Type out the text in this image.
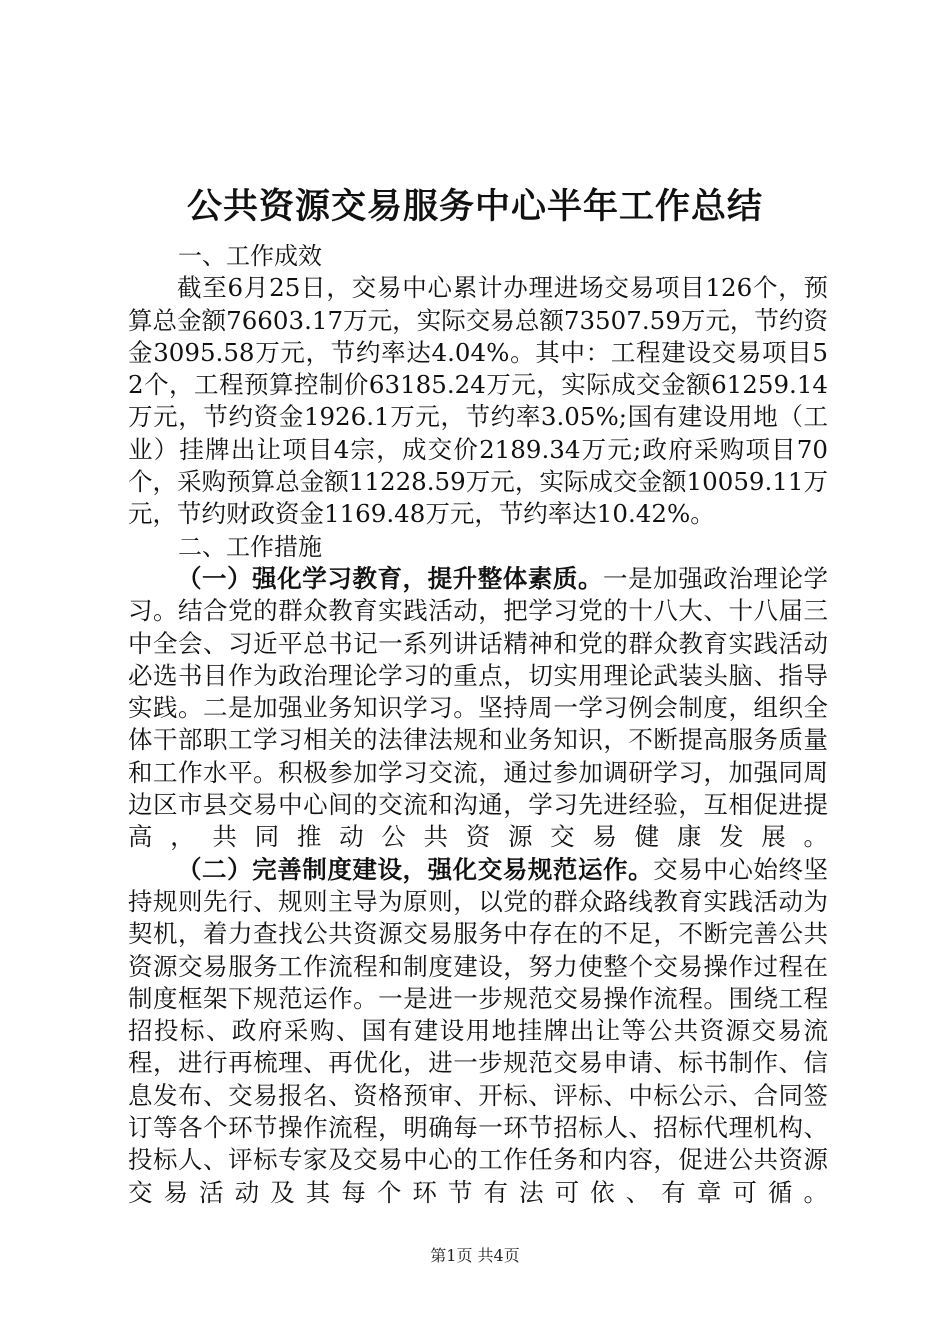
公共资源交易服务中心半年工作总结

一、工作成效

截至6月25日，交易中心累计办理进场交易项目126个，预算总金额76603.17万元，实际交易总额73507.59万元，节约资金3095.58万元，节约率达4.04%。其中：工程建设交易项目52个，工程预算控制价63185.24万元，实际成交金额61259.14万元，节约资金1926.1万元，节约率3.05%;国有建设用地（工业）挂牌出让项目4宗，成交价2189.34万元;政府采购项目70个，采购预算总金额11228.59万元，实际成交金额10059.11万元，节约财政资金1169.48万元，节约率达10.42%。

二、工作措施

（一）强化学习教育，提升整体素质。一是加强政治理论学习。结合党的群众教育实践活动，把学习党的十八大、十八届三中全会、习近平总书记一系列讲话精神和党的群众教育实践活动必选书目作为政治理论学习的重点，切实用理论武装头脑、指导实践。二是加强业务知识学习。坚持周一学习例会制度，组织全体干部职工学习相关的法律法规和业务知识，不断提高服务质量和工作水平。积极参加学习交流，通过参加调研学习，加强同周边区市县交易中心间的交流和沟通，学习先进经验，互相促进提高，共同推动公共资源交易健康发展。

（二）完善制度建设，强化交易规范运作。交易中心始终坚持规则先行、规则主导为原则，以党的群众路线教育实践活动为契机，着力查找公共资源交易服务中存在的不足，不断完善公共资源交易服务工作流程和制度建设，努力使整个交易操作过程在制度框架下规范运作。一是进一步规范交易操作流程。围绕工程招投标、政府采购、国有建设用地挂牌出让等公共资源交易流程，进行再梳理、再优化，进一步规范交易申请、标书制作、信息发布、交易报名、资格预审、开标、评标、中标公示、合同签订等各个环节操作流程，明确每一环节招标人、招标代理机构、投标人、评标专家及交易中心的工作任务和内容，促进公共资源交易活动及其每个环节有法可依、有章可循。

第1页 共4页
